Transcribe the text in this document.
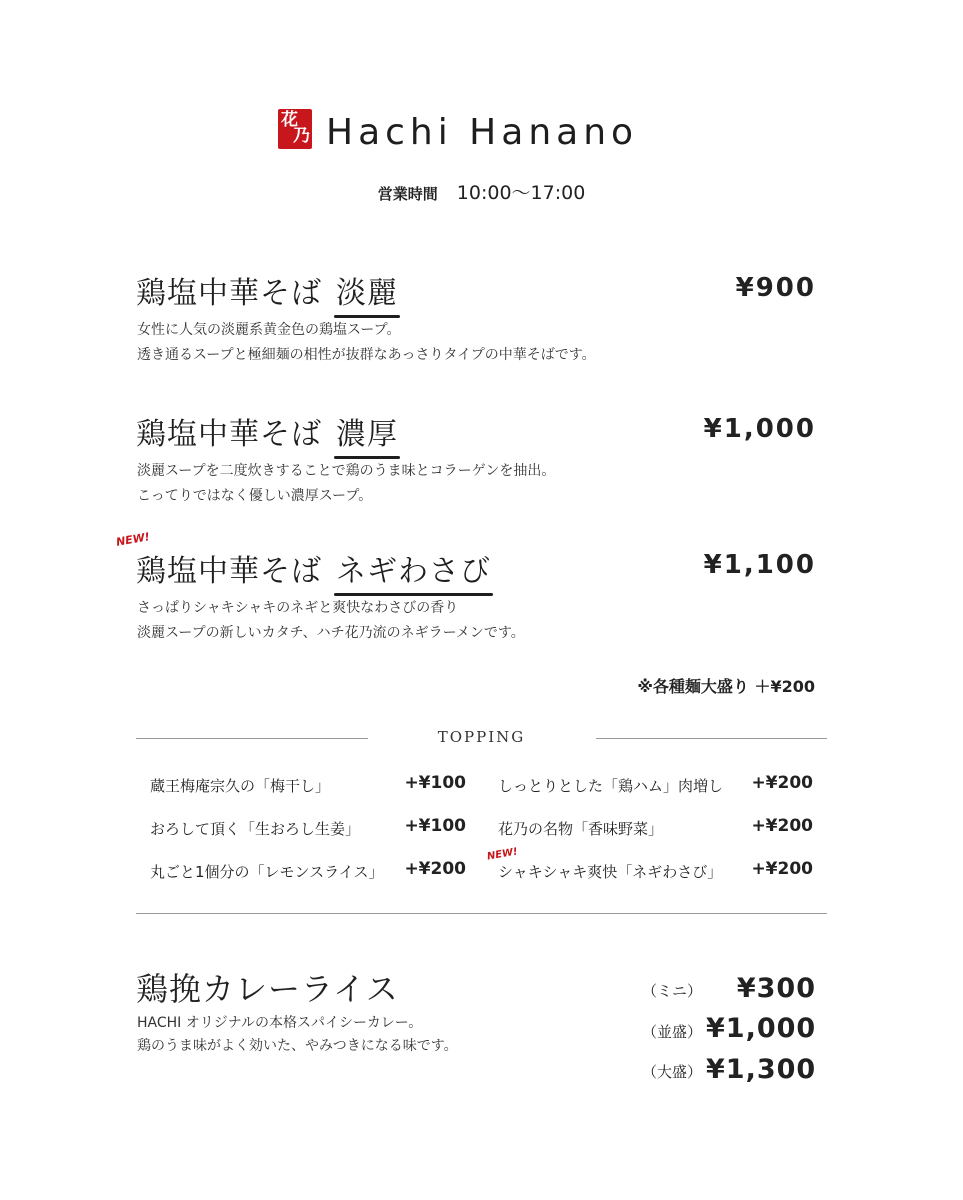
花
乃 Hachi Hanano
営業時間 10:00〜17:00
鶏塩中華そば 淡麗	¥900
女性に人気の淡麗系黄金色の鶏塩スープ。
透き通るスープと極細麺の相性が抜群なあっさりタイプの中華そばです。
鶏塩中華そば 濃厚	¥1,000
淡麗スープを二度炊きすることで鶏のうま味とコラーゲンを抽出。
こってりではなく優しい濃厚スープ。
NEW!
鶏塩中華そば ネギわさび	¥1,100
さっぱりシャキシャキのネギと爽快なわさびの香り
淡麗スープの新しいカタチ、ハチ花乃流のネギラーメンです。
※各種麺大盛り ＋¥200
TOPPING
蔵王梅庵宗久の「梅干し」	+¥100
おろして頂く「生おろし生姜」	+¥100
丸ごと1個分の「レモンスライス」	+¥200
しっとりとした「鶏ハム」肉増し	+¥200
花乃の名物「香味野菜」	+¥200
NEW!
シャキシャキ爽快「ネギわさび」	+¥200
鶏挽カレーライス
HACHI オリジナルの本格スパイシーカレー。
鶏のうま味がよく効いた、やみつきになる味です。
（ミニ）	¥300
（並盛） ¥1,000
（大盛） ¥1,300
